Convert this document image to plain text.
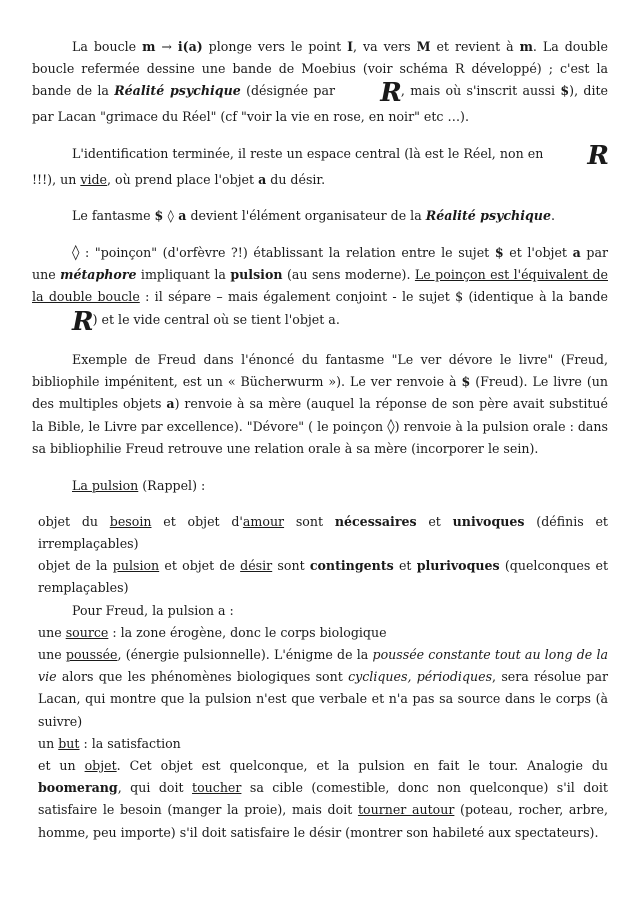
La boucle m → i(a) plonge vers le point I, va vers M et revient à m. La double boucle refermée dessine une bande de Moebius (voir schéma R développé) ; c'est la bande de la Réalité psychique (désignée par R, mais où s'inscrit aussi $), dite par Lacan "grimace du Réel" (cf "voir la vie en rose, en noir" etc …).

L'identification terminée, il reste un espace central (là est le Réel, non en R !!!), un vide, où prend place l'objet a du désir.

Le fantasme $ ◊ a devient l'élément organisateur de la Réalité psychique.

◊ : "poinçon" (d'orfèvre ?!) établissant la relation entre le sujet $ et l'objet a par une métaphore impliquant la pulsion (au sens moderne). Le poinçon est l'équivalent de la double boucle : il sépare – mais également conjoint - le sujet $ (identique à la bande R) et le vide central où se tient l'objet a.

Exemple de Freud dans l'énoncé du fantasme "Le ver dévore le livre" (Freud, bibliophile impénitent, est un « Bücherwurm »). Le ver renvoie à $ (Freud). Le livre (un des multiples objets a) renvoie à sa mère (auquel la réponse de son père avait substitué la Bible, le Livre par excellence). "Dévore" ( le poinçon ◊) renvoie à la pulsion orale : dans sa bibliophilie Freud retrouve une relation orale à sa mère (incorporer le sein).

La pulsion (Rappel) :

objet du besoin et objet d'amour sont nécessaires et univoques (définis et irremplaçables)

objet de la pulsion et objet de désir sont contingents et plurivoques (quelconques et remplaçables)

Pour Freud, la pulsion a :

une source : la zone érogène, donc le corps biologique

une poussée, (énergie pulsionnelle). L'énigme de la poussée constante tout au long de la vie alors que les phénomènes biologiques sont cycliques, périodiques, sera résolue par Lacan, qui montre que la pulsion n'est que verbale et n'a pas sa source dans le corps (à suivre)

un but : la satisfaction

et un objet. Cet objet est quelconque, et la pulsion en fait le tour. Analogie du boomerang, qui doit toucher sa cible (comestible, donc non quelconque) s'il doit satisfaire le besoin (manger la proie), mais doit tourner autour (poteau, rocher, arbre, homme, peu importe) s'il doit satisfaire le désir (montrer son habileté aux spectateurs).
